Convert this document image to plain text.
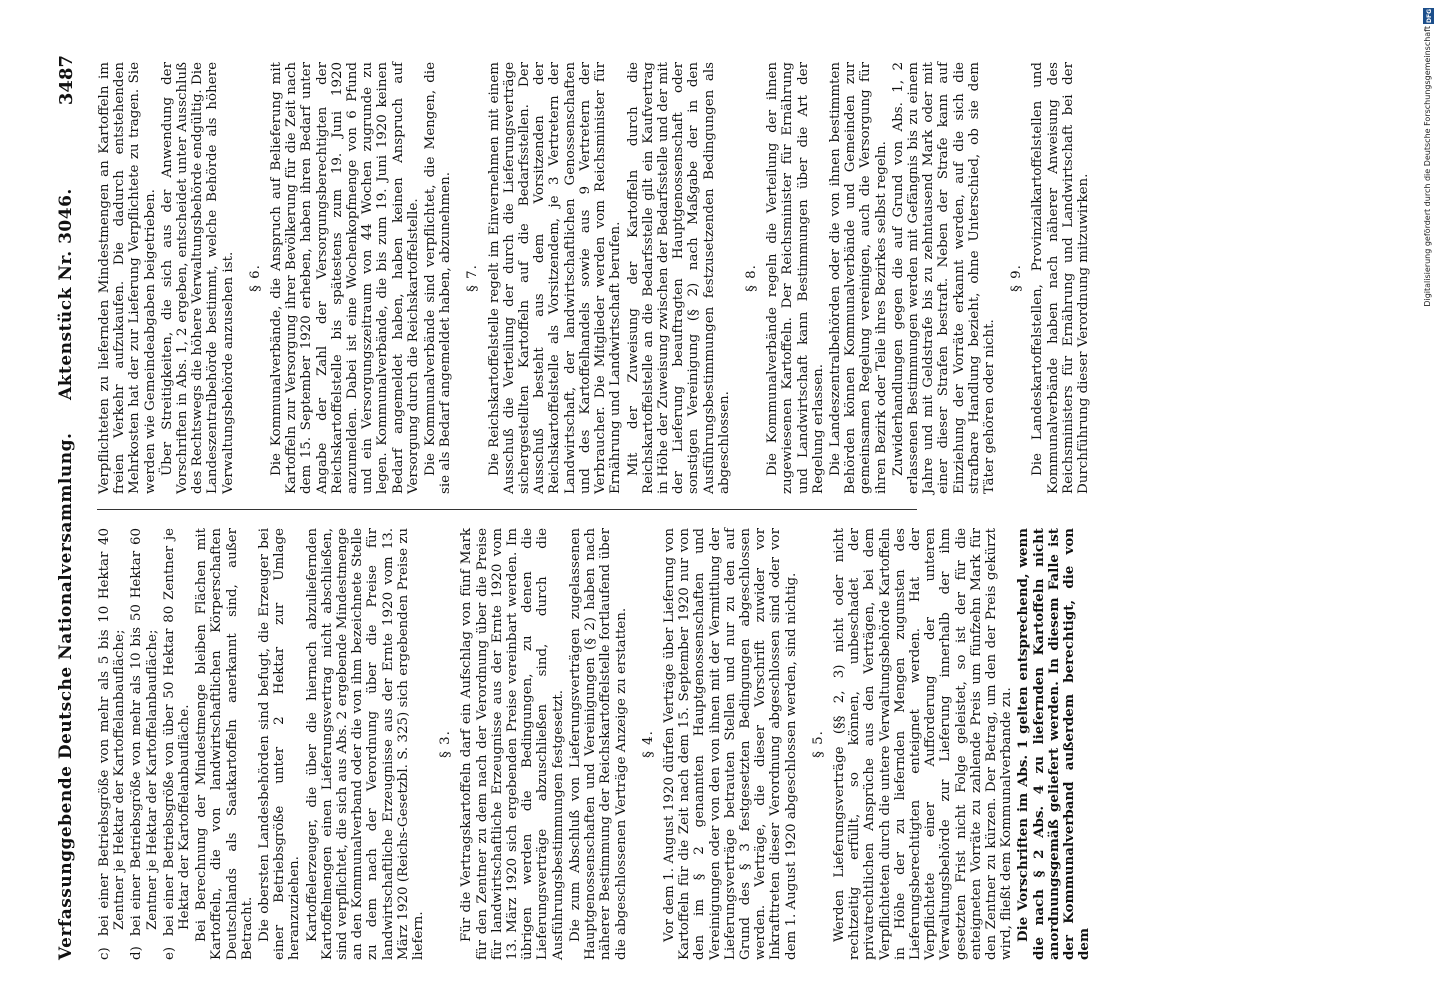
Verfassunggebende Deutsche Nationalversammlung.
Aktenstück Nr. 3046.
3487
c)bei einer Betriebsgröße von mehr als 5 bis 10 Hektar 40 Zentner je Hektar der Kartoffelanbaufläche;
d)bei einer Betriebsgröße von mehr als 10 bis 50 Hektar 60 Zentner je Hektar der Kartoffelanbaufläche;
e)bei einer Betriebsgröße von über 50 Hektar 80 Zentner je Hektar der Kartoffelanbaufläche. Bei Berechnung der Mindestmenge bleiben Flächen mit Kartoffeln, die von landwirtschaftlichen Körperschaften Deutschlands als Saatkartoffeln anerkannt sind, außer Betracht. Die obersten Landesbehörden sind befugt, die Erzeuger bei einer Betriebsgröße unter 2 Hektar zur Umlage heranzuziehen. Kartoffelerzeuger, die über die hiernach abzuliefernden Kartoffelmengen einen Lieferungsvertrag nicht abschließen, sind verpflichtet, die sich aus Abs. 2 ergebende Mindestmenge an den Kommunalverband oder die von ihm bezeichnete Stelle zu dem nach der Verordnung über die Preise für landwirtschaftliche Erzeugnisse aus der Ernte 1920 vom 13. März 1920 (Reichs-Gesetzbl. S. 325) sich ergebenden Preise zu liefern.

§ 3. Für die Vertragskartoffeln darf ein Aufschlag von fünf Mark für den Zentner zu dem nach der Verordnung über die Preise für landwirtschaftliche Erzeugnisse aus der Ernte 1920 vom 13. März 1920 sich ergebenden Preise vereinbart werden. Im übrigen werden die Bedingungen, zu denen die Lieferungsverträge abzuschließen sind, durch die Ausführungsbestimmungen festgesetzt. Die zum Abschluß von Lieferungsverträgen zugelassenen Hauptgenossenschaften und Vereinigungen (§ 2) haben nach näherer Bestimmung der Reichskartoffelstelle fortlaufend über die abgeschlossenen Verträge Anzeige zu erstatten. § 4. Vor dem 1. August 1920 dürfen Verträge über Lieferung von Kartoffeln für die Zeit nach dem 15. September 1920 nur von den im § 2 genannten Hauptgenossenschaften und Vereinigungen oder von den von ihnen mit der Vermittlung der Lieferungsverträge betrauten Stellen und nur zu den auf Grund des § 3 festgesetzten Bedingungen abgeschlossen werden. Verträge, die dieser Vorschrift zuwider vor Inkrafttreten dieser Verordnung abgeschlossen sind oder vor dem 1. August 1920 abgeschlossen werden, sind nichtig. § 5. Werden Lieferungsverträge (§§ 2, 3) nicht oder nicht rechtzeitig erfüllt, so können, unbeschadet der privatrechtlichen Ansprüche aus den Verträgen, bei dem Verpflichteten durch die untere Verwaltungsbehörde Kartoffeln in Höhe der zu liefernden Mengen zugunsten des Lieferungsberechtigten enteignet werden. Hat der Verpflichtete einer Aufforderung der unteren Verwaltungsbehörde zur Lieferung innerhalb der ihm gesetzten Frist nicht Folge geleistet, so ist der für die enteigneten Vorräte zu zahlende Preis um fünfzehn Mark für den Zentner zu kürzen. Der Betrag, um den der Preis gekürzt wird, fließt dem Kommunalverbande zu. Die Vorschriften im Abs. 1 gelten entsprechend, wenn die nach § 2 Abs. 4 zu liefernden Kartoffeln nicht anordnungsgemäß geliefert werden. In diesem Falle ist der Kommunalverband außerdem berechtigt, die von dem

Verpflichteten zu liefernden Mindestmengen an Kartoffeln im freien Verkehr aufzukaufen. Die dadurch entstehenden Mehrkosten hat der zur Lieferung Verpflichtete zu tragen. Sie werden wie Gemeindeabgaben beigetrieben. Über Streitigkeiten, die sich aus der Anwendung der Vorschriften in Abs. 1, 2 ergeben, entscheidet unter Ausschluß des Rechtswegs die höhere Verwaltungsbehörde endgültig. Die Landeszentralbehörde bestimmt, welche Behörde als höhere Verwaltungsbehörde anzusehen ist. § 6. Die Kommunalverbände, die Anspruch auf Belieferung mit Kartoffeln zur Versorgung ihrer Bevölkerung für die Zeit nach dem 15. September 1920 erheben, haben ihren Bedarf unter Angabe der Zahl der Versorgungsberechtigten der Reichskartoffelstelle bis spätestens zum 19. Juni 1920 anzumelden. Dabei ist eine Wochenkopfmenge von 6 Pfund und ein Versorgungszeitraum von 44 Wochen zugrunde zu legen. Kommunalverbände, die bis zum 19. Juni 1920 keinen Bedarf angemeldet haben, haben keinen Anspruch auf Versorgung durch die Reichskartoffelstelle. Die Kommunalverbände sind verpflichtet, die Mengen, die sie als Bedarf angemeldet haben, abzunehmen. § 7. Die Reichskartoffelstelle regelt im Einvernehmen mit einem Ausschuß die Verteilung der durch die Lieferungsverträge sichergestellten Kartoffeln auf die Bedarfsstellen. Der Ausschuß besteht aus dem Vorsitzenden der Reichskartoffelstelle als Vorsitzendem, je 3 Vertretern der Landwirtschaft, der landwirtschaftlichen Genossenschaften und des Kartoffelhandels sowie aus 9 Vertretern der Verbraucher. Die Mitglieder werden vom Reichsminister für Ernährung und Landwirtschaft berufen. Mit der Zuweisung der Kartoffeln durch die Reichskartoffelstelle an die Bedarfsstelle gilt ein Kaufvertrag in Höhe der Zuweisung zwischen der Bedarfsstelle und der mit der Lieferung beauftragten Hauptgenossenschaft oder sonstigen Vereinigung (§ 2) nach Maßgabe der in den Ausführungsbestimmungen festzusetzenden Bedingungen als abgeschlossen.

§ 8. Die Kommunalverbände regeln die Verteilung der ihnen zugewiesenen Kartoffeln. Der Reichsminister für Ernährung und Landwirtschaft kann Bestimmungen über die Art der Regelung erlassen. Die Landeszentralbehörden oder die von ihnen bestimmten Behörden können Kommunalverbände und Gemeinden zur gemeinsamen Regelung vereinigen, auch die Versorgung für ihren Bezirk oder Teile ihres Bezirkes selbst regeln. Zuwiderhandlungen gegen die auf Grund von Abs. 1, 2 erlassenen Bestimmungen werden mit Gefängnis bis zu einem Jahre und mit Geldstrafe bis zu zehntausend Mark oder mit einer dieser Strafen bestraft. Neben der Strafe kann auf Einziehung der Vorräte erkannt werden, auf die sich die strafbare Handlung bezieht, ohne Unterschied, ob sie dem Täter gehören oder nicht.

§ 9. Die Landeskartoffelstellen, Provinzialkartoffelstellen und Kommunalverbände haben nach näherer Anweisung des Reichsministers für Ernährung und Landwirtschaft bei der Durchführung dieser Verordnung mitzuwirken.

DFG
Digitalisierung gefördert durch die Deutsche Forschungsgemeinschaft
